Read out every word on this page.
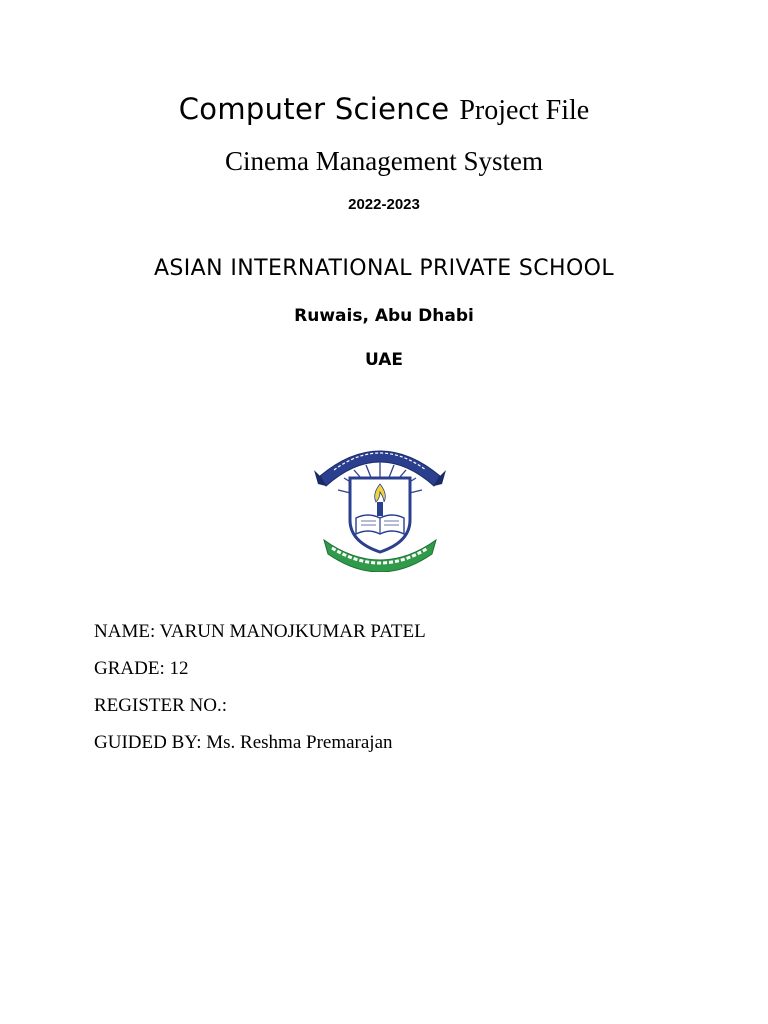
Computer Science Project File
Cinema Management System
2022-2023
ASIAN INTERNATIONAL PRIVATE SCHOOL
Ruwais, Abu Dhabi
UAE
NAME: VARUN MANOJKUMAR PATEL
GRADE: 12
REGISTER NO.:
GUIDED BY: Ms. Reshma Premarajan
